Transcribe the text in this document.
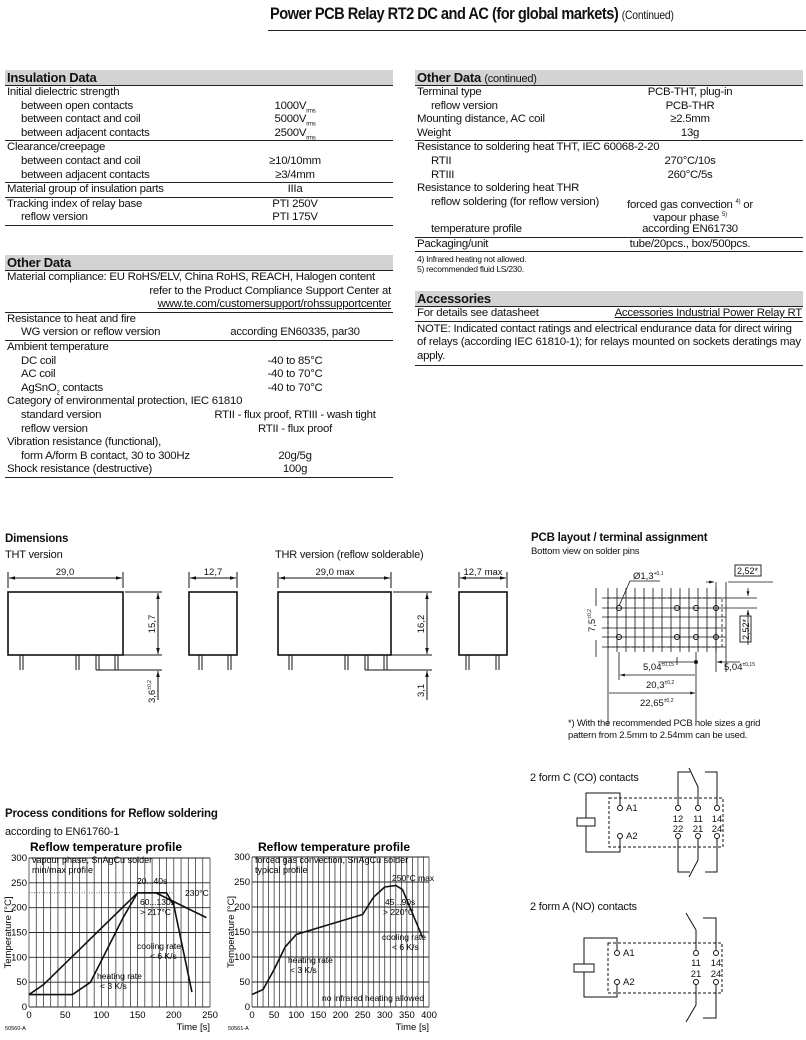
Power PCB Relay RT2 DC and AC (for global markets) (Continued)
Insulation Data
Initial dielectric strength
between open contacts	$1000V_{rms}$
between contact and coil	$5000V_{rms}$
between adjacent contacts	$2500V_{rms}$
Clearance/creepage
between contact and coil	≥10/10mm
between adjacent contacts	≥3/4mm
Material group of insulation parts	IIIa
Tracking index of relay base	PTI 250V
reflow version	PTI 175V
Other Data
Material compliance: EU RoHS/ELV, China RoHS, REACH, Halogen content
refer to the Product Compliance Support Center at
www.te.com/customersupport/rohssupportcenter
Resistance to heat and fire
WG version or reflow version	according EN60335, par30
Ambient temperature
DC coil	-40 to 85°C
AC coil	-40 to 70°C
AgSnO$_2$ contacts	-40 to 70°C
Category of environmental protection, IEC 61810
standard version	RTII - flux proof, RTIII - wash tight
reflow version	RTII - flux proof
Vibration resistance (functional),
form A/form B contact, 30 to 300Hz	20g/5g
Shock resistance (destructive)	100g
Other Data (continued)
Terminal type	PCB-THT, plug-in
reflow version	PCB-THR
Mounting distance, AC coil	≥2.5mm
Weight	13g
Resistance to soldering heat THT, IEC 60068-2-20
RTII	270°C/10s
RTIII	260°C/5s
Resistance to soldering heat THR
reflow soldering (for reflow version)	forced gas convection $^{4)}$ or
vapour phase $^{5)}$
temperature profile	according EN61730
Packaging/unit	tube/20pcs., box/500pcs.
4) Infrared heating not allowed.
5) recommended fluid LS/230.
Accessories
For details see datasheet	Accessories Industrial Power Relay RT
NOTE: Indicated contact ratings and electrical endurance data for direct wiring of relays (according IEC 61810-1); for relays mounted on sockets deratings may apply.
Dimensions
THT version	THR version (reflow solderable)
PCB layout / terminal assignment
Bottom view on solder pins
*) With the recommended PCB hole sizes a grid
pattern from 2.5mm to 2.54mm can be used.
2 form C (CO) contacts
2 form A (NO) contacts
Process conditions for Reflow soldering
according to EN61760-1
29,0	12,7	29,0 max	12,7 max
15,7	16,2
$3,6^{\pm 0,2}$	3,1
$Ø1,3^{+0,1}$	2,52*
2,52*
$7,5^{\pm 0,2}$
$5,04^{\pm 0,15}$	$5,04^{\pm 0,15}$
$20,3^{\pm 0,2}$
$22,65^{\pm 0,2}$
A1
A2
12 11 14
22 21 24
A1
A2
11 14
21 24
0	50 100 150 200 250
0
50
100
150
200
250
300
230°C
Reflow temperature profile
vapour phase, SnAgCu solder
min/max profile
Temperature [°C]
Time [s]
50560-A
20...40s
60...130s
> 217°C
cooling rate
< 6 K/s
heating rate
< 3 K/s
0 50 100 150 200 250 300 350 400
0
50
100
150
200
250
300
Reflow temperature profile
forced gas convection, SnAgCu solder
typical profile
Temperature [°C]
Time [s]
50561-A
250°C max
45...90s
> 220°C
cooling rate
< 6 K/s
heating rate
< 3 K/s
no infrared heating allowed
